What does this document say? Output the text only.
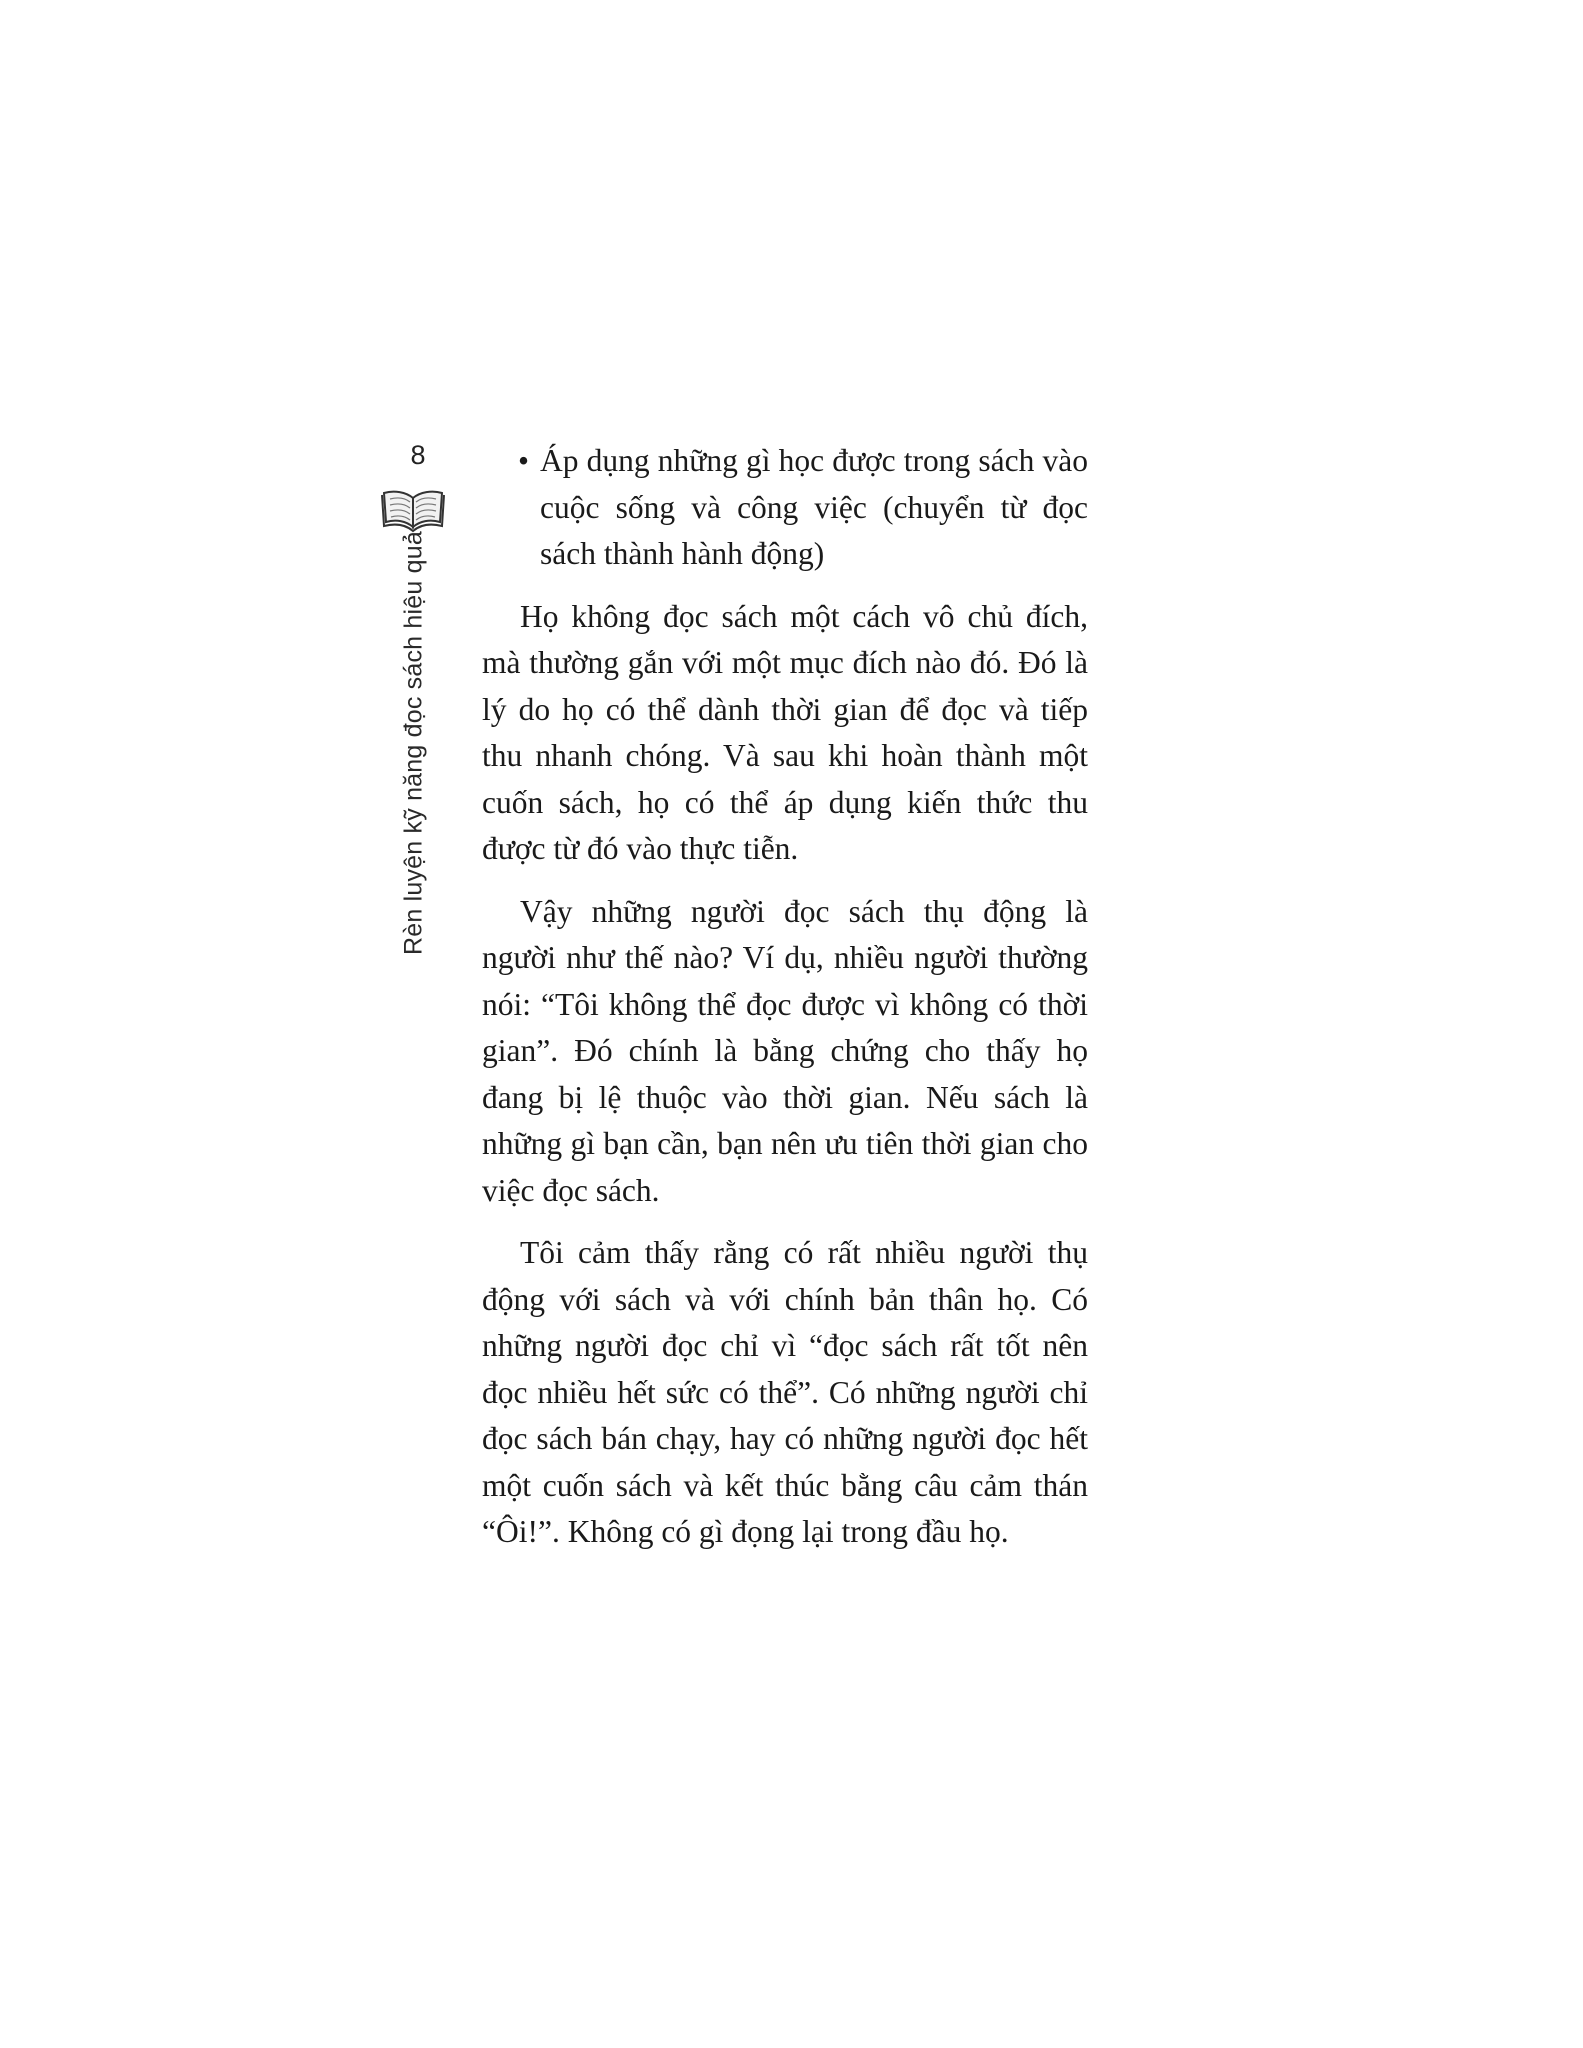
8
Rèn luyện kỹ năng đọc sách hiệu quả
• Áp dụng những gì học được trong sách vào cuộc sống và công việc (chuyển từ đọc sách thành hành động)

Họ không đọc sách một cách vô chủ đích, mà thường gắn với một mục đích nào đó. Đó là lý do họ có thể dành thời gian để đọc và tiếp thu nhanh chóng. Và sau khi hoàn thành một cuốn sách, họ có thể áp dụng kiến thức thu được từ đó vào thực tiễn.

Vậy những người đọc sách thụ động là người như thế nào? Ví dụ, nhiều người thường nói: “Tôi không thể đọc được vì không có thời gian”. Đó chính là bằng chứng cho thấy họ đang bị lệ thuộc vào thời gian. Nếu sách là những gì bạn cần, bạn nên ưu tiên thời gian cho việc đọc sách.

Tôi cảm thấy rằng có rất nhiều người thụ động với sách và với chính bản thân họ. Có những người đọc chỉ vì “đọc sách rất tốt nên đọc nhiều hết sức có thể”. Có những người chỉ đọc sách bán chạy, hay có những người đọc hết một cuốn sách và kết thúc bằng câu cảm thán “Ôi!”. Không có gì đọng lại trong đầu họ.
